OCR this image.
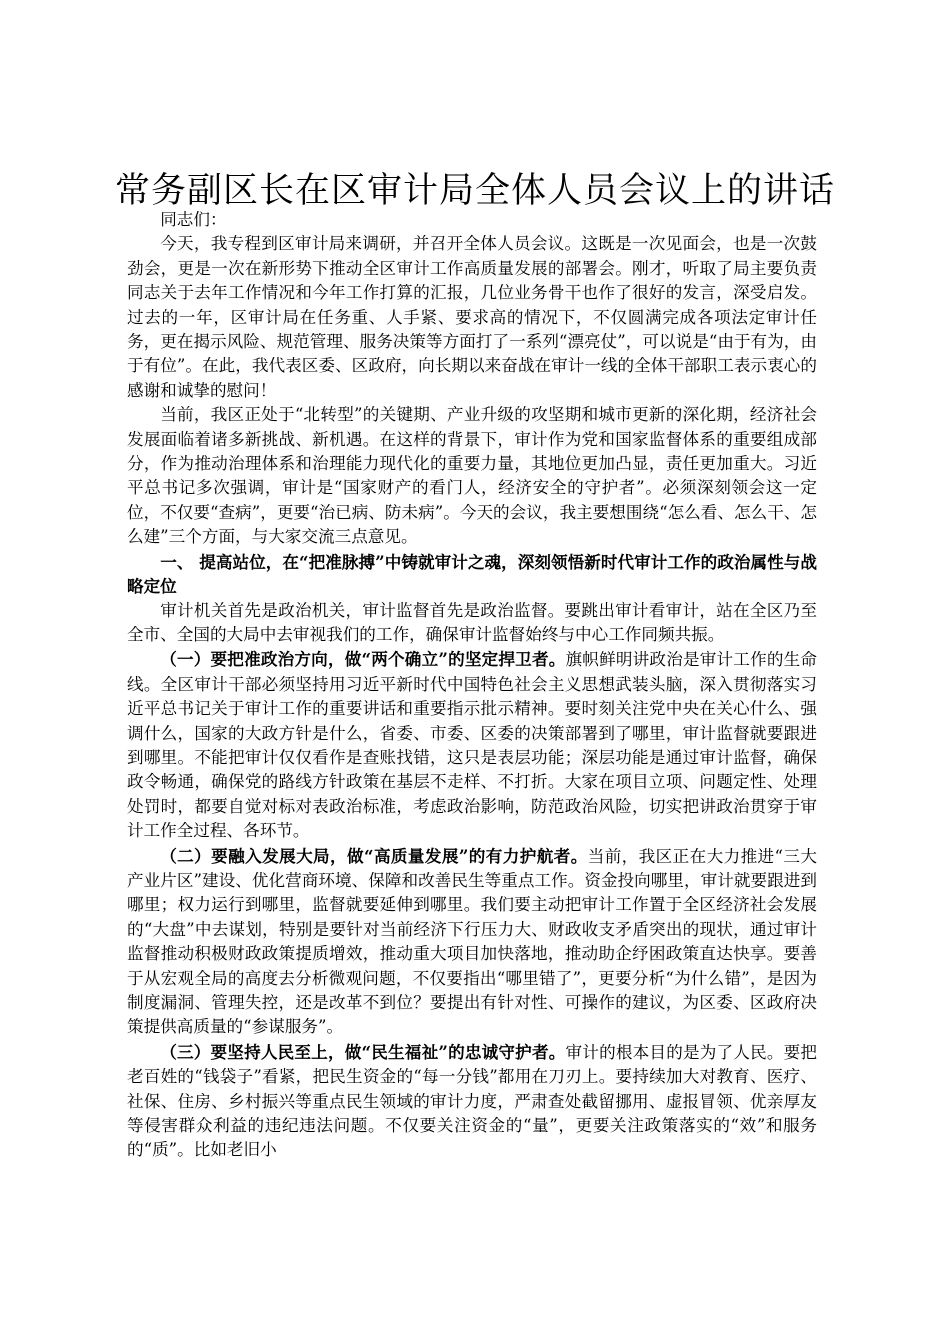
常务副区长在区审计局全体人员会议上的讲话

同志们：

今天，我专程到区审计局来调研，并召开全体人员会议。这既是一次见面会，也是一次鼓劲会，更是一次在新形势下推动全区审计工作高质量发展的部署会。刚才，听取了局主要负责同志关于去年工作情况和今年工作打算的汇报，几位业务骨干也作了很好的发言，深受启发。过去的一年，区审计局在任务重、人手紧、要求高的情况下，不仅圆满完成各项法定审计任务，更在揭示风险、规范管理、服务决策等方面打了一系列“漂亮仗”，可以说是“由于有为，由于有位”。在此，我代表区委、区政府，向长期以来奋战在审计一线的全体干部职工表示衷心的感谢和诚挚的慰问！

当前，我区正处于“北转型”的关键期、产业升级的攻坚期和城市更新的深化期，经济社会发展面临着诸多新挑战、新机遇。在这样的背景下，审计作为党和国家监督体系的重要组成部分，作为推动治理体系和治理能力现代化的重要力量，其地位更加凸显，责任更加重大。习近平总书记多次强调，审计是“国家财产的看门人，经济安全的守护者”。必须深刻领会这一定位，不仅要“查病”，更要“治已病、防未病”。今天的会议，我主要想围绕“怎么看、怎么干、怎么建”三个方面，与大家交流三点意见。

一、 提高站位，在“把准脉搏”中铸就审计之魂，深刻领悟新时代审计工作的政治属性与战略定位

审计机关首先是政治机关，审计监督首先是政治监督。要跳出审计看审计，站在全区乃至全市、全国的大局中去审视我们的工作，确保审计监督始终与中心工作同频共振。

（一）要把准政治方向，做“两个确立”的坚定捍卫者。旗帜鲜明讲政治是审计工作的生命线。全区审计干部必须坚持用习近平新时代中国特色社会主义思想武装头脑，深入贯彻落实习近平总书记关于审计工作的重要讲话和重要指示批示精神。要时刻关注党中央在关心什么、强调什么，国家的大政方针是什么，省委、市委、区委的决策部署到了哪里，审计监督就要跟进到哪里。不能把审计仅仅看作是查账找错，这只是表层功能；深层功能是通过审计监督，确保政令畅通，确保党的路线方针政策在基层不走样、不打折。大家在项目立项、问题定性、处理处罚时，都要自觉对标对表政治标准，考虑政治影响，防范政治风险，切实把讲政治贯穿于审计工作全过程、各环节。

（二）要融入发展大局，做“高质量发展”的有力护航者。当前，我区正在大力推进“三大产业片区”建设、优化营商环境、保障和改善民生等重点工作。资金投向哪里，审计就要跟进到哪里；权力运行到哪里，监督就要延伸到哪里。我们要主动把审计工作置于全区经济社会发展的“大盘”中去谋划，特别是要针对当前经济下行压力大、财政收支矛盾突出的现状，通过审计监督推动积极财政政策提质增效，推动重大项目加快落地，推动助企纾困政策直达快享。要善于从宏观全局的高度去分析微观问题，不仅要指出“哪里错了”，更要分析“为什么错”，是因为制度漏洞、管理失控，还是改革不到位？要提出有针对性、可操作的建议，为区委、区政府决策提供高质量的“参谋服务”。

（三）要坚持人民至上，做“民生福祉”的忠诚守护者。审计的根本目的是为了人民。要把老百姓的“钱袋子”看紧，把民生资金的“每一分钱”都用在刀刃上。要持续加大对教育、医疗、社保、住房、乡村振兴等重点民生领域的审计力度，严肃查处截留挪用、虚报冒领、优亲厚友等侵害群众利益的违纪违法问题。不仅要关注资金的“量”，更要关注政策落实的“效”和服务的“质”。比如老旧小
